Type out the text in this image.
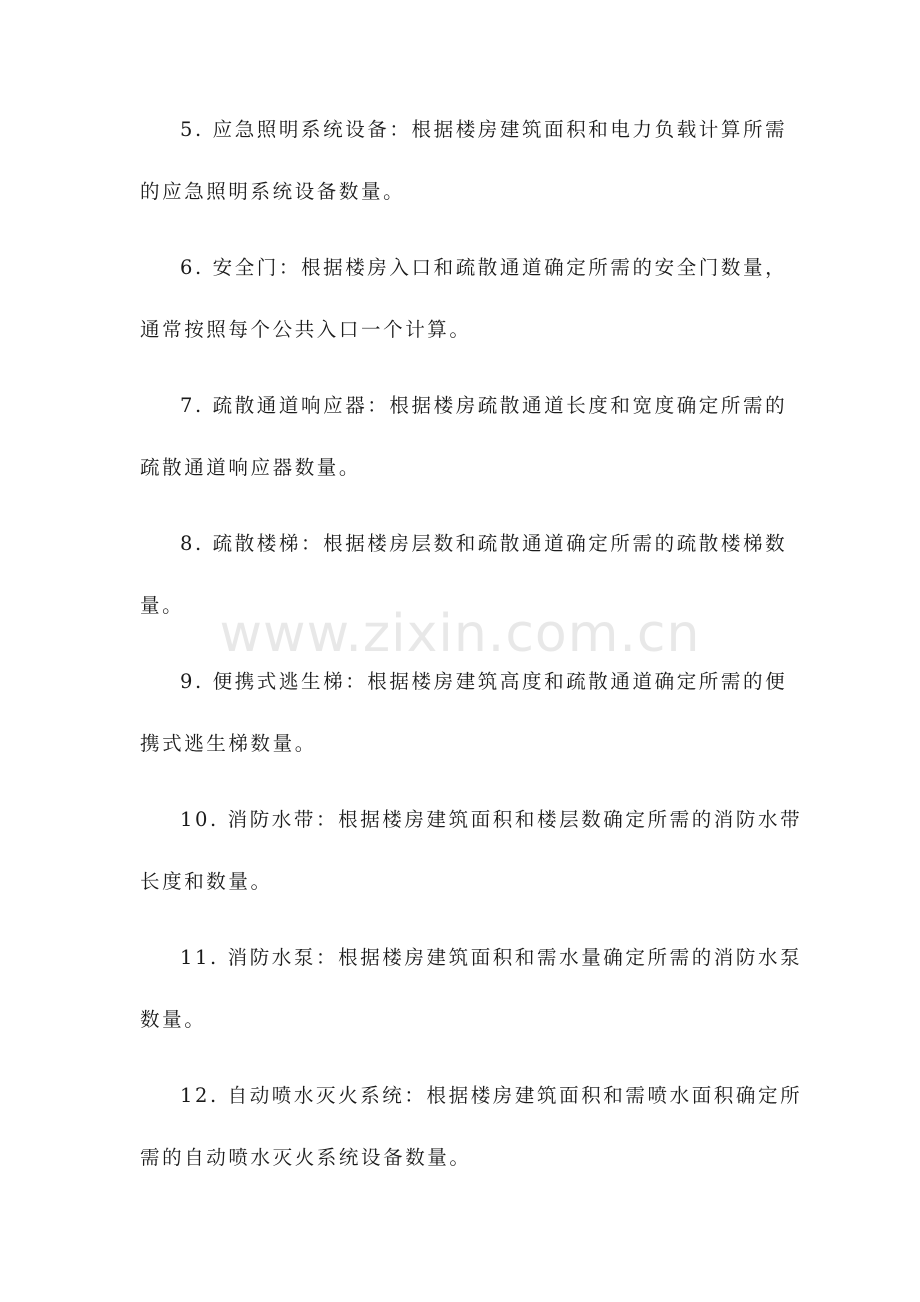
5. 应急照明系统设备：根据楼房建筑面积和电力负载计算所需
的应急照明系统设备数量。
6. 安全门：根据楼房入口和疏散通道确定所需的安全门数量，
通常按照每个公共入口一个计算。
7. 疏散通道响应器：根据楼房疏散通道长度和宽度确定所需的
疏散通道响应器数量。
8. 疏散楼梯：根据楼房层数和疏散通道确定所需的疏散楼梯数
量。
9. 便携式逃生梯：根据楼房建筑高度和疏散通道确定所需的便
携式逃生梯数量。
10. 消防水带：根据楼房建筑面积和楼层数确定所需的消防水带
长度和数量。
11. 消防水泵：根据楼房建筑面积和需水量确定所需的消防水泵
数量。
12. 自动喷水灭火系统：根据楼房建筑面积和需喷水面积确定所
需的自动喷水灭火系统设备数量。
www.zixin.com.cn
